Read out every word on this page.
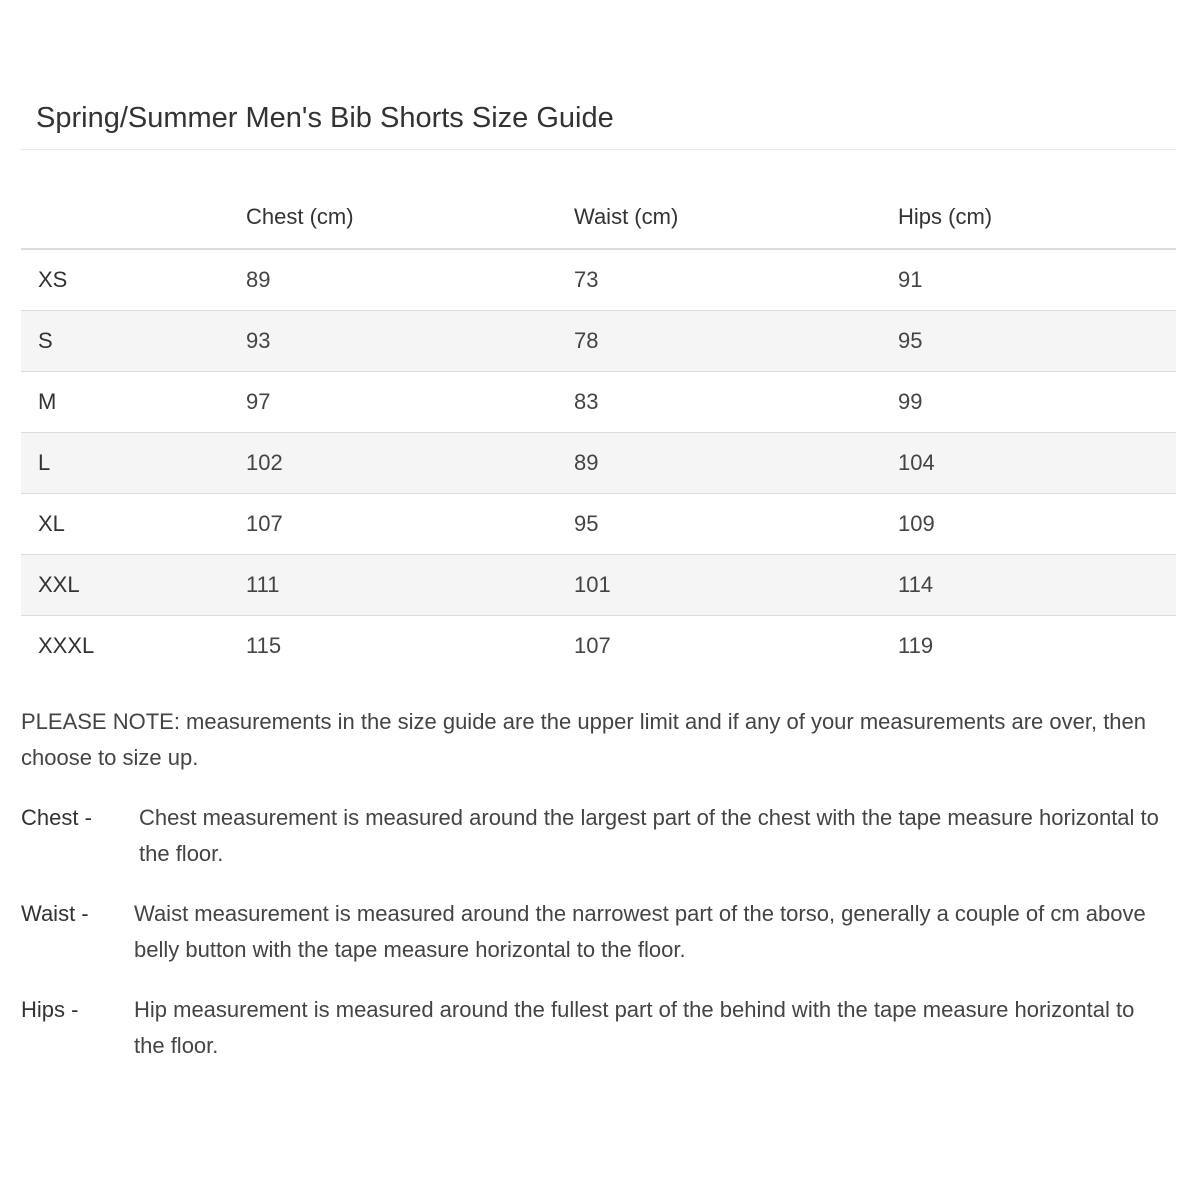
Spring/Summer Men's Bib Shorts Size Guide
	Chest (cm)	Waist (cm)	Hips (cm)
XS	89	73	91
S	93	78	95
M	97	83	99
L	102	89	104
XL	107	95	109
XXL	111	101	114
XXXL	115	107	119

PLEASE NOTE: measurements in the size guide are the upper limit and if any of your measurements are over, then choose to size up.

Chest -	Chest measurement is measured around the largest part of the chest with the tape measure horizontal to the floor.
Waist -	Waist measurement is measured around the narrowest part of the torso, generally a couple of cm above belly button with the tape measure horizontal to the floor.
Hips -	Hip measurement is measured around the fullest part of the behind with the tape measure horizontal to the floor.
